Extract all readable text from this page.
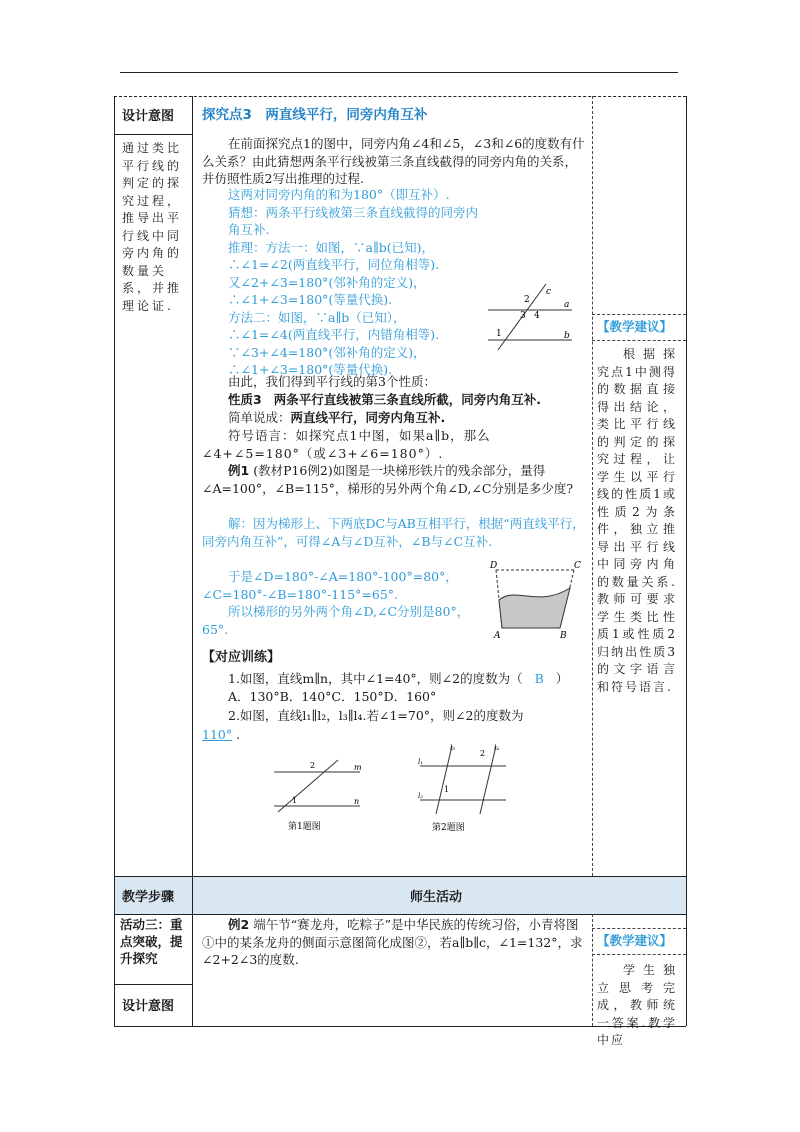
设计意图
通过类比平行线的判定的探究过程，推导出平行线中同旁内角的数量关系，并推理论证.
探究点3　两直线平行，同旁内角互补
在前面探究点1的图中，同旁内角∠4和∠5，∠3和∠6的度数有什么关系？由此猜想两条平行线被第三条直线截得的同旁内角的关系，并仿照性质2写出推理的过程.
这两对同旁内角的和为180°（即互补）.
猜想：两条平行线被第三条直线截得的同旁内角互补.
推理：方法一：如图，∵a∥b(已知)，
∴∠1=∠2(两直线平行，同位角相等).
又∠2+∠3=180°(邻补角的定义)，
∴∠1+∠3=180°(等量代换).
方法二：如图，∵a∥b（已知），
∴∠1=∠4(两直线平行，内错角相等).
∵∠3+∠4=180°(邻补角的定义)，
∴∠1+∠3=180°(等量代换).
a
b
c
2
3 4
1
由此，我们得到平行线的第3个性质：
性质3 两条平行直线被第三条直线所截，同旁内角互补.
简单说成：两直线平行，同旁内角互补.
符号语言：如探究点1中图，如果a∥b，那么∠4+∠5=180°（或∠3+∠6=180°）.
例1 (教材P16例2)如图是一块梯形铁片的残余部分，量得∠A=100°，∠B=115°，梯形的另外两个角∠D,∠C分别是多少度?
解：因为梯形上、下两底DC与AB互相平行，根据“两直线平行，同旁内角互补”，可得∠A与∠D互补，∠B与∠C互补.
于是∠D=180°-∠A=180°-100°=80°，
∠C=180°-∠B=180°-115°=65°.
所以梯形的另外两个角∠D,∠C分别是80°，65°.
D	C
A	B
【对应训练】
1.如图，直线m∥n，其中∠1=40°，则∠2的度数为（ B ）
A．130°B．140°C．150°D．160°
2.如图，直线l₁∥l₂，l₃∥l₄.若∠1=70°，则∠2的度数为
110° .
m
n
2
1
第1题图
l₃	l₄
2
l₁
l₂
1
第2题图
【教学建议】
根据探究点1中测得的数据直接得出结论，类比平行线的判定的探究过程，让学生以平行线的性质1或性质2为条件，独立推导出平行线中同旁内角的数量关系.教师可要求学生类比性质1或性质2归纳出性质3的文字语言和符号语言.
教学步骤	师生活动
活动三：重点突破，提升探究
设计意图
例2 端午节“赛龙舟，吃粽子”是中华民族的传统习俗，小青将图①中的某条龙舟的侧面示意图简化成图②，若a∥b∥c，∠1=132°，求∠2+2∠3的度数.
【教学建议】
学生独立思考完成，教师统一答案.教学中应
